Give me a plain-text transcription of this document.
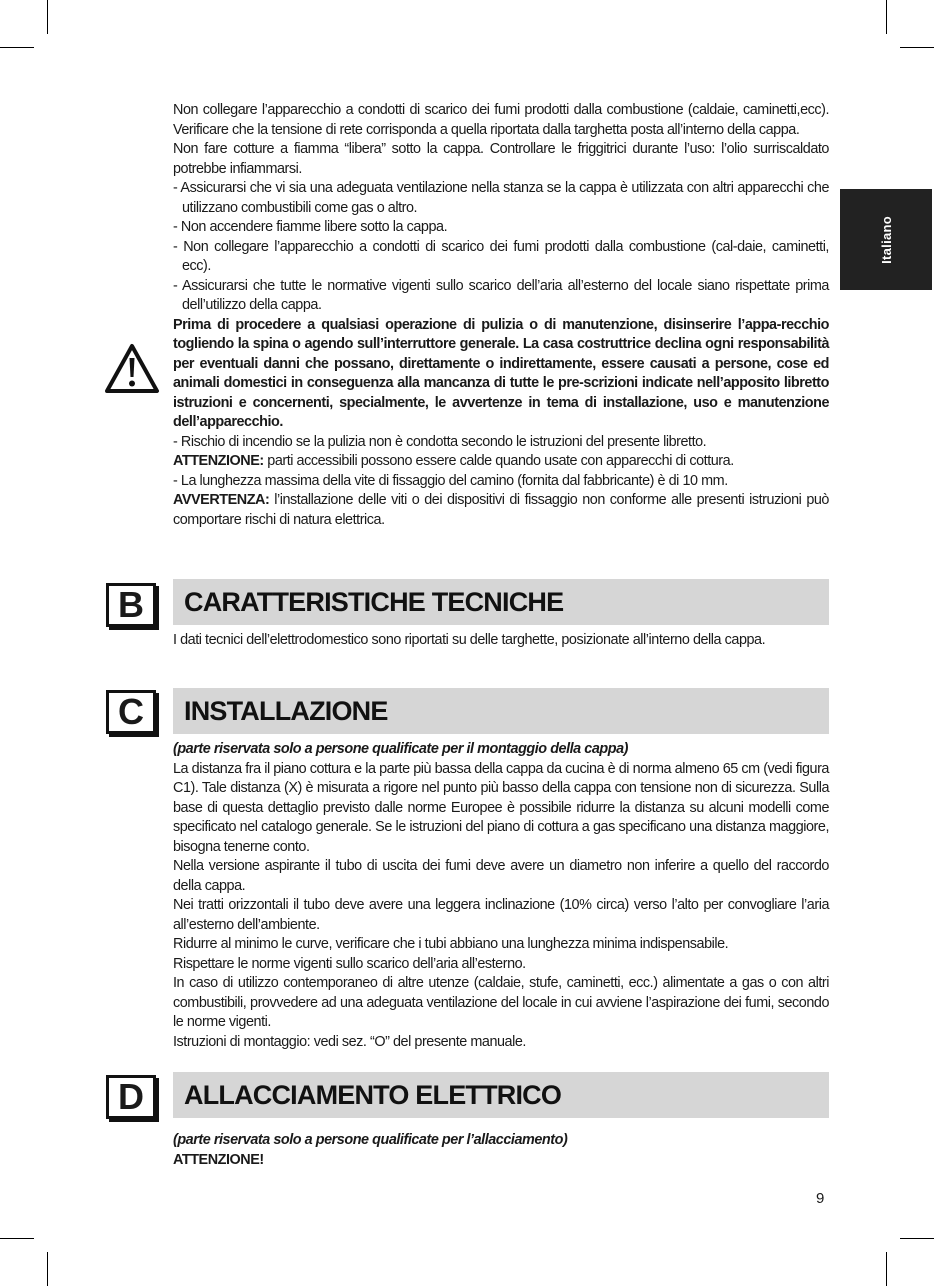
Italiano

Non collegare l’apparecchio a condotti di scarico dei fumi prodotti dalla combustione (caldaie, caminetti,ecc). Verificare che la tensione di rete corrisponda a quella riportata dalla targhetta posta all’interno della cappa.

Non fare cotture a fiamma “libera” sotto la cappa. Controllare le friggitrici durante l’uso: l’olio surriscaldato potrebbe infiammarsi.

- Assicurarsi che vi sia una adeguata ventilazione nella stanza se la cappa è utilizzata con altri apparecchi che utilizzano combustibili come gas o altro.

- Non accendere fiamme libere sotto la cappa.

- Non collegare l’apparecchio a condotti di scarico dei fumi prodotti dalla combustione (cal-daie, caminetti, ecc).

- Assicurarsi che tutte le normative vigenti sullo scarico dell’aria all’esterno del locale siano rispettate prima dell’utilizzo della cappa.

Prima di procedere a qualsiasi operazione di pulizia o di manutenzione, disinserire l’appa-recchio togliendo la spina o agendo sull’interruttore generale. La casa costruttrice declina ogni responsabilità per eventuali danni che possano, direttamente o indirettamente, essere causati a persone, cose ed animali domestici in conseguenza alla mancanza di tutte le pre-scrizioni indicate nell’apposito libretto istruzioni e concernenti, specialmente, le avvertenze in tema di installazione, uso e manutenzione dell’apparecchio.

- Rischio di incendio se la pulizia non è condotta secondo le istruzioni del presente libretto.

ATTENZIONE: parti accessibili possono essere calde quando usate con apparecchi di cottura.

- La lunghezza massima della vite di fissaggio del camino (fornita dal fabbricante) è di 10 mm.

AVVERTENZA: l’installazione delle viti o dei dispositivi di fissaggio non conforme alle presenti istruzioni può comportare rischi di natura elettrica.

B	CARATTERISTICHE TECNICHE

I dati tecnici dell’elettrodomestico sono riportati su delle targhette, posizionate all’interno della cappa.

C	INSTALLAZIONE

(parte riservata solo a persone qualificate per il montaggio della cappa)

La distanza fra il piano cottura e la parte più bassa della cappa da cucina è di norma almeno 65 cm (vedi figura C1). Tale distanza (X) è misurata a rigore nel punto più basso della cappa con tensione non di sicurezza. Sulla base di questa dettaglio previsto dalle norme Europee è possibile ridurre la distanza su alcuni modelli come specificato nel catalogo generale. Se le istruzioni del piano di cottura a gas specificano una distanza maggiore, bisogna tenerne conto.

Nella versione aspirante il tubo di uscita dei fumi deve avere un diametro non inferire a quello del raccordo della cappa.

Nei tratti orizzontali il tubo deve avere una leggera inclinazione (10% circa) verso l’alto per convogliare l’aria all’esterno dell’ambiente.

Ridurre al minimo le curve, verificare che i tubi abbiano una lunghezza minima indispensabile.

Rispettare le norme vigenti sullo scarico dell’aria all’esterno.

In caso di utilizzo contemporaneo di altre utenze (caldaie, stufe, caminetti, ecc.) alimentate a gas o con altri combustibili, provvedere ad una adeguata ventilazione del locale in cui avviene l’aspirazione dei fumi, secondo le norme vigenti.

Istruzioni di montaggio: vedi sez. “O” del presente manuale.

D	ALLACCIAMENTO ELETTRICO

(parte riservata solo a persone qualificate per l’allacciamento)

ATTENZIONE!

9
